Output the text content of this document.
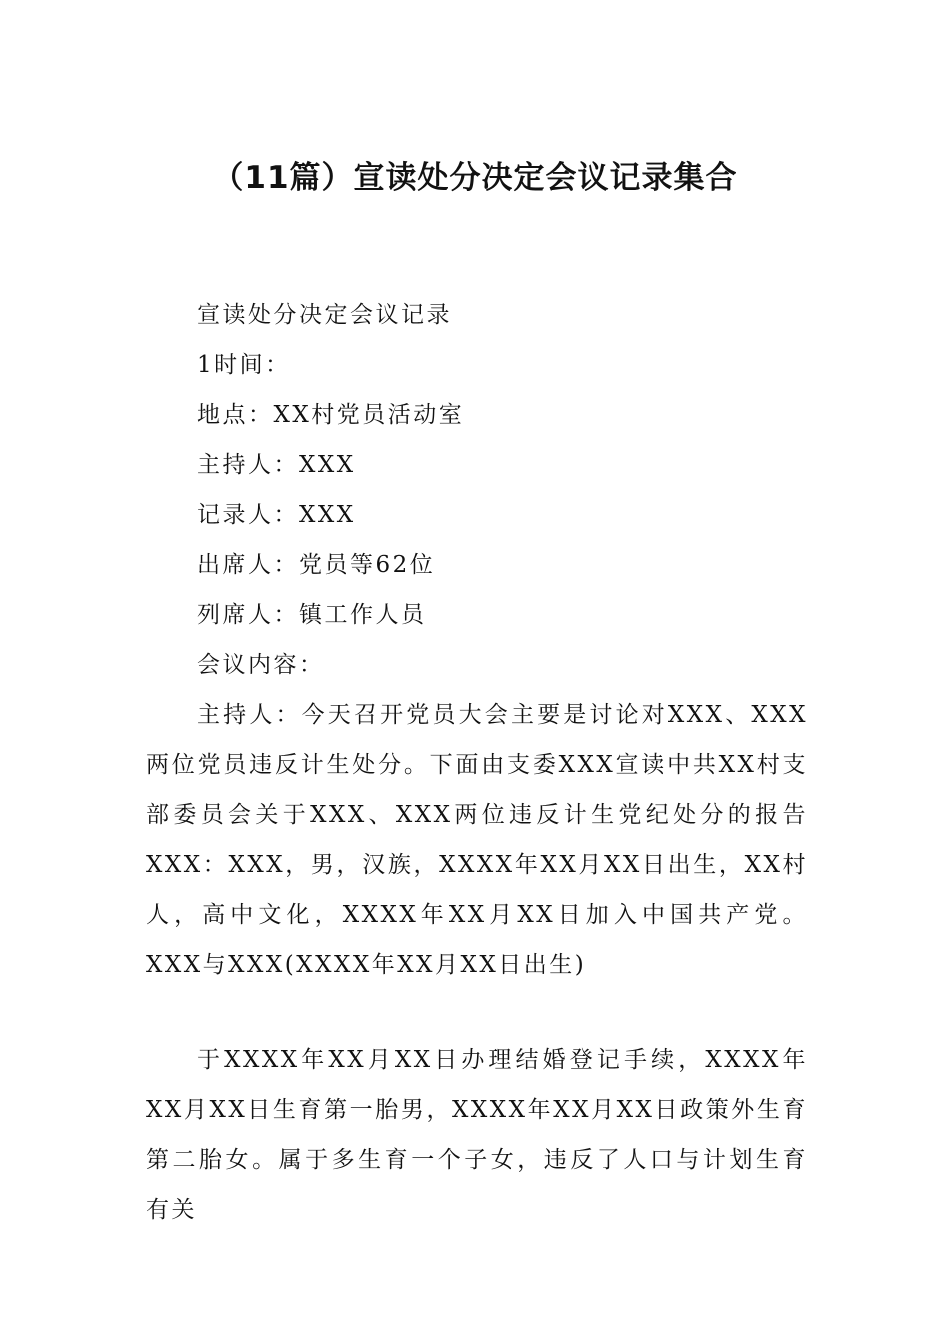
（11篇）宣读处分决定会议记录集合

宣读处分决定会议记录

1时间：

地点：XX村党员活动室

主持人：XXX

记录人：XXX

出席人：党员等62位

列席人：镇工作人员

会议内容：

主持人：今天召开党员大会主要是讨论对XXX、XXX两位党员违反计生处分。下面由支委XXX宣读中共XX村支部委员会关于XXX、XXX两位违反计生党纪处分的报告XXX：XXX，男，汉族，XXXX年XX月XX日出生，XX村人，高中文化，XXXX年XX月XX日加入中国共产党。XXX与XXX(XXXX年XX月XX日出生)

于XXXX年XX月XX日办理结婚登记手续，XXXX年XX月XX日生育第一胎男，XXXX年XX月XX日政策外生育第二胎女。属于多生育一个子女，违反了人口与计划生育有关
